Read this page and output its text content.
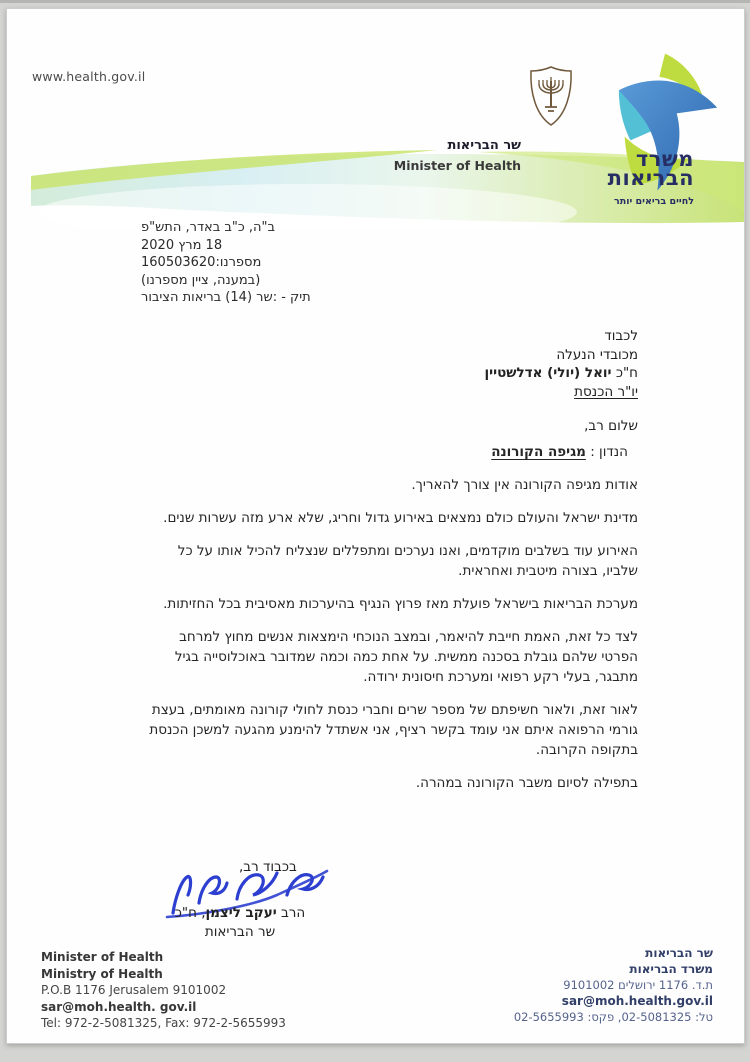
www.health.gov.il
משרד
הבריאות
לחיים בריאים יותר
שר הבריאות
Minister of Health
ב"ה, כ"ב באדר, התש"פ
18 מרץ 2020
מספרנו:160503620
(במענה, ציין מספרנו)
תיק - :שר (14) בריאות הציבור
לכבוד
מכובדי הנעלה
ח"כ יואל (יולי) אדלשטיין
יו"ר הכנסת
שלום רב,
הנדון : מגיפה הקורונה

אודות מגיפה הקורונה אין צורך להאריך.

מדינת ישראל והעולם כולם נמצאים באירוע גדול וחריג, שלא ארע מזה עשרות שנים.

האירוע עוד בשלבים מוקדמים, ואנו נערכים ומתפללים שנצליח להכיל אותו על כל שלביו, בצורה מיטבית ואחראית.

מערכת הבריאות בישראל פועלת מאז פרוץ הנגיף בהיערכות מאסיבית בכל החזיתות.

לצד כל זאת, האמת חייבת להיאמר, ובמצב הנוכחי הימצאות אנשים מחוץ למרחב הפרטי שלהם גובלת בסכנה ממשית. על אחת כמה וכמה שמדובר באוכלוסייה בגיל מתבגר, בעלי רקע רפואי ומערכת חיסונית ירודה.

לאור זאת, ולאור חשיפתם של מספר שרים וחברי כנסת לחולי קורונה מאומתים, בעצת גורמי הרפואה איתם אני עומד בקשר רציף, אני אשתדל להימנע מהגעה למשכן הכנסת בתקופה הקרובה.

בתפילה לסיום משבר הקורונה במהרה.

בכבוד רב,
הרב יעקב ליצמן, ח"כ
שר הבריאות
Minister of Health
Ministry of Health
P.O.B 1176 Jerusalem 9101002
sar@moh.health. gov.il
Tel: 972-2-5081325, Fax: 972-2-5655993
שר הבריאות
משרד הבריאות
ת.ד. 1176 ירושלים 9101002
sar@moh.health.gov.il
טל: 02-5081325, פקס: 02-5655993
